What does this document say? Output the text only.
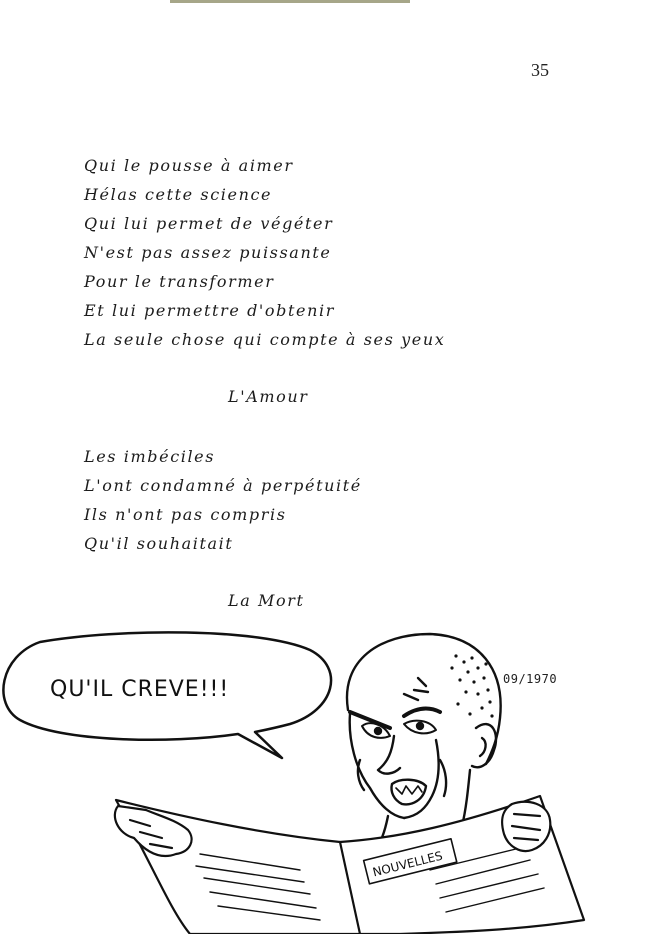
35
Qui le pousse à aimer
Hélas cette science
Qui lui permet de végéter
N'est pas assez puissante
Pour le transformer
Et lui permettre d'obtenir
La seule chose qui compte à ses yeux
L'Amour
Les imbéciles
L'ont condamné à perpétuité
Ils n'ont pas compris
Qu'il souhaitait
La Mort
09/1970
QU'IL CREVE!!!
NOUVELLES
